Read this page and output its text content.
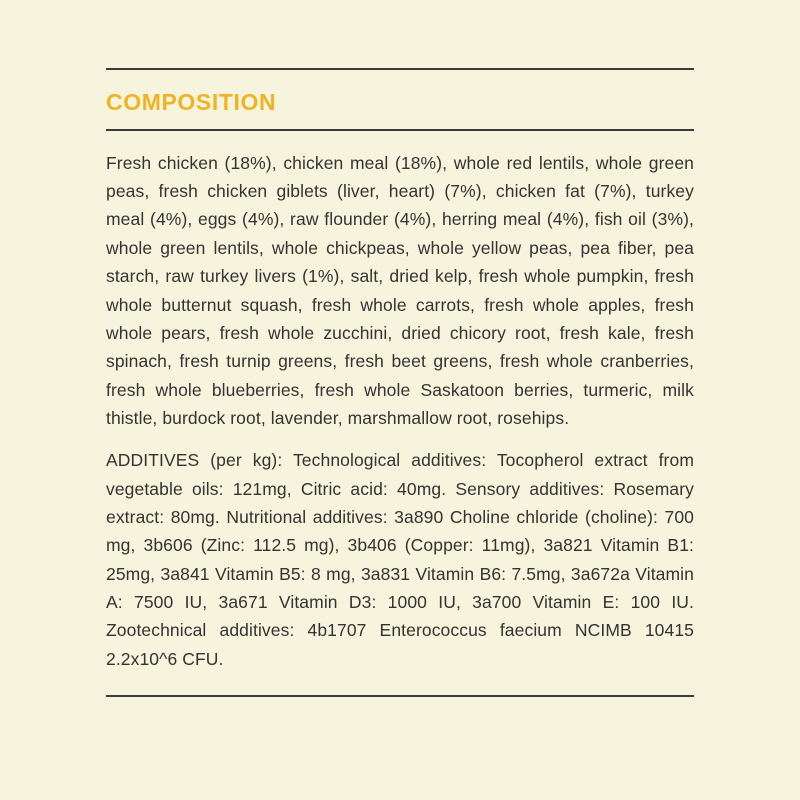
COMPOSITION

Fresh chicken (18%), chicken meal (18%), whole red lentils, whole green peas, fresh chicken giblets (liver, heart) (7%), chicken fat (7%), turkey meal (4%), eggs (4%), raw flounder (4%), herring meal (4%), fish oil (3%), whole green lentils, whole chickpeas, whole yellow peas, pea fiber, pea starch, raw turkey livers (1%), salt, dried kelp, fresh whole pumpkin, fresh whole butternut squash, fresh whole carrots, fresh whole apples, fresh whole pears, fresh whole zucchini, dried chicory root, fresh kale, fresh spinach, fresh turnip greens, fresh beet greens, fresh whole cranberries, fresh whole blueberries, fresh whole Saskatoon berries, turmeric, milk thistle, burdock root, lavender, marshmallow root, rosehips.

ADDITIVES (per kg): Technological additives: Tocopherol extract from vegetable oils: 121mg, Citric acid: 40mg. Sensory additives: Rosemary extract: 80mg. Nutritional additives: 3a890 Choline chloride (choline): 700 mg, 3b606 (Zinc: 112.5 mg), 3b406 (Copper: 11mg), 3a821 Vitamin B1: 25mg, 3a841 Vitamin B5: 8 mg, 3a831 Vitamin B6: 7.5mg, 3a672a Vitamin A: 7500 IU, 3a671 Vitamin D3: 1000 IU, 3a700 Vitamin E: 100 IU. Zootechnical additives: 4b1707 Enterococcus faecium NCIMB 10415 2.2x10^6 CFU.
